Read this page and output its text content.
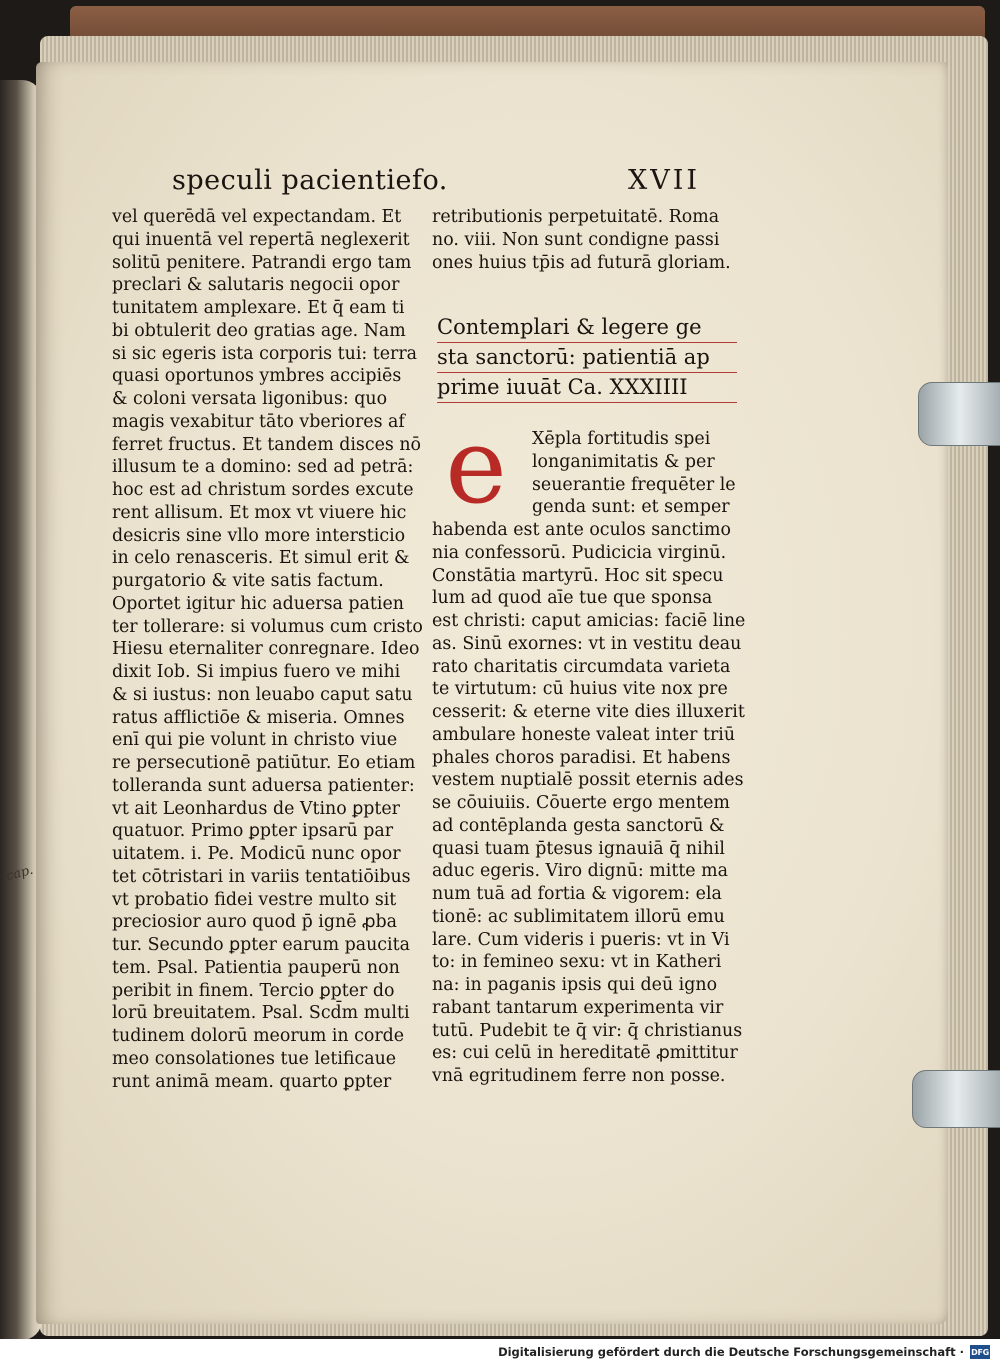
speculi pacientie fo.	XVII
vel querēdā vel expectandam. Et
qui inuentā vel repertā neglexerit
solitū penitere. Patrandi ergo tam
preclari & salutaris negocii opor
tunitatem amplexare. Et q̄ eam ti
bi obtulerit deo gratias age. Nam
si sic egeris ista corporis tui: terra
quasi oportunos ymbres accipiēs
& coloni versata ligonibus: quo
magis vexabitur tāto vberiores af
ferret fructus. Et tandem disces nō
illusum te a domino: sed ad petrā:
hoc est ad christum sordes excute
rent allisum. Et mox vt viuere hic
desicris sine vllo more intersticio
in celo renasceris. Et simul erit &
purgatorio & vite satis factum.
Oportet igitur hic aduersa patien
ter tollerare: si volumus cum cristo
Hiesu eternaliter conregnare. Ideo
dixit Iob. Si impius fuero ve mihi
& si iustus: non leuabo caput satu
ratus afflictiōe & miseria. Omnes
enī qui pie volunt in christo viue
re persecutionē patiūtur. Eo etiam
tolleranda sunt aduersa patienter:
vt ait Leonhardus de Vtino ꝑpter
quatuor. Primo ꝑpter ipsarū par
uitatem. i. Pe. Modicū nunc opor
tet cōtristari in variis tentatiōibus
vt probatio fidei vestre multo sit
preciosior auro quod p̄ ignē ꝓba
tur. Secundo ꝑpter earum paucita
tem. Psal. Patientia pauperū non
peribit in finem. Tercio ꝑpter do
lorū breuitatem. Psal. Scd̄m multi
tudinem dolorū meorum in corde
meo consolationes tue letificaue
runt animā meam. quarto ꝑpter
retributionis perpetuitatē. Roma
no. viii. Non sunt condigne passi
ones huius tp̄is ad futurā gloriam.
Contemplari & legere ge
sta sanctorū: patientiā ap
prime iuuāt Ca. XXXIIII
e	Xēpla fortitudis spei
longanimitatis & per
seuerantie frequēter le
genda sunt: et semper
habenda est ante oculos sanctimo
nia confessorū. Pudicicia virginū.
Constātia martyrū. Hoc sit specu
lum ad quod aīe tue que sponsa
est christi: caput amicias: faciē line
as. Sinū exornes: vt in vestitu deau
rato charitatis circumdata varieta
te virtutum: cū huius vite nox pre
cesserit: & eterne vite dies illuxerit
ambulare honeste valeat inter triū
phales choros paradisi. Et habens
vestem nuptialē possit eternis ades
se cōuiuiis. Cōuerte ergo mentem
ad contēplanda gesta sanctorū &
quasi tuam p̄tesus ignauiā q̄ nihil
aduc egeris. Viro dignū: mitte ma
num tuā ad fortia & vigorem: ela
tionē: ac sublimitatem illorū emu
lare. Cum videris i pueris: vt in Vi
to: in femineo sexu: vt in Katheri
na: in paganis ipsis qui deū igno
rabant tantarum experimenta vir
tutū. Pudebit te q̄ vir: q̄ christianus
es: cui celū in hereditatē ꝓmittitur
vnā egritudinem ferre non posse.
cap.
Digitalisierung gefördert durch die Deutsche Forschungsgemeinschaft · DFG
